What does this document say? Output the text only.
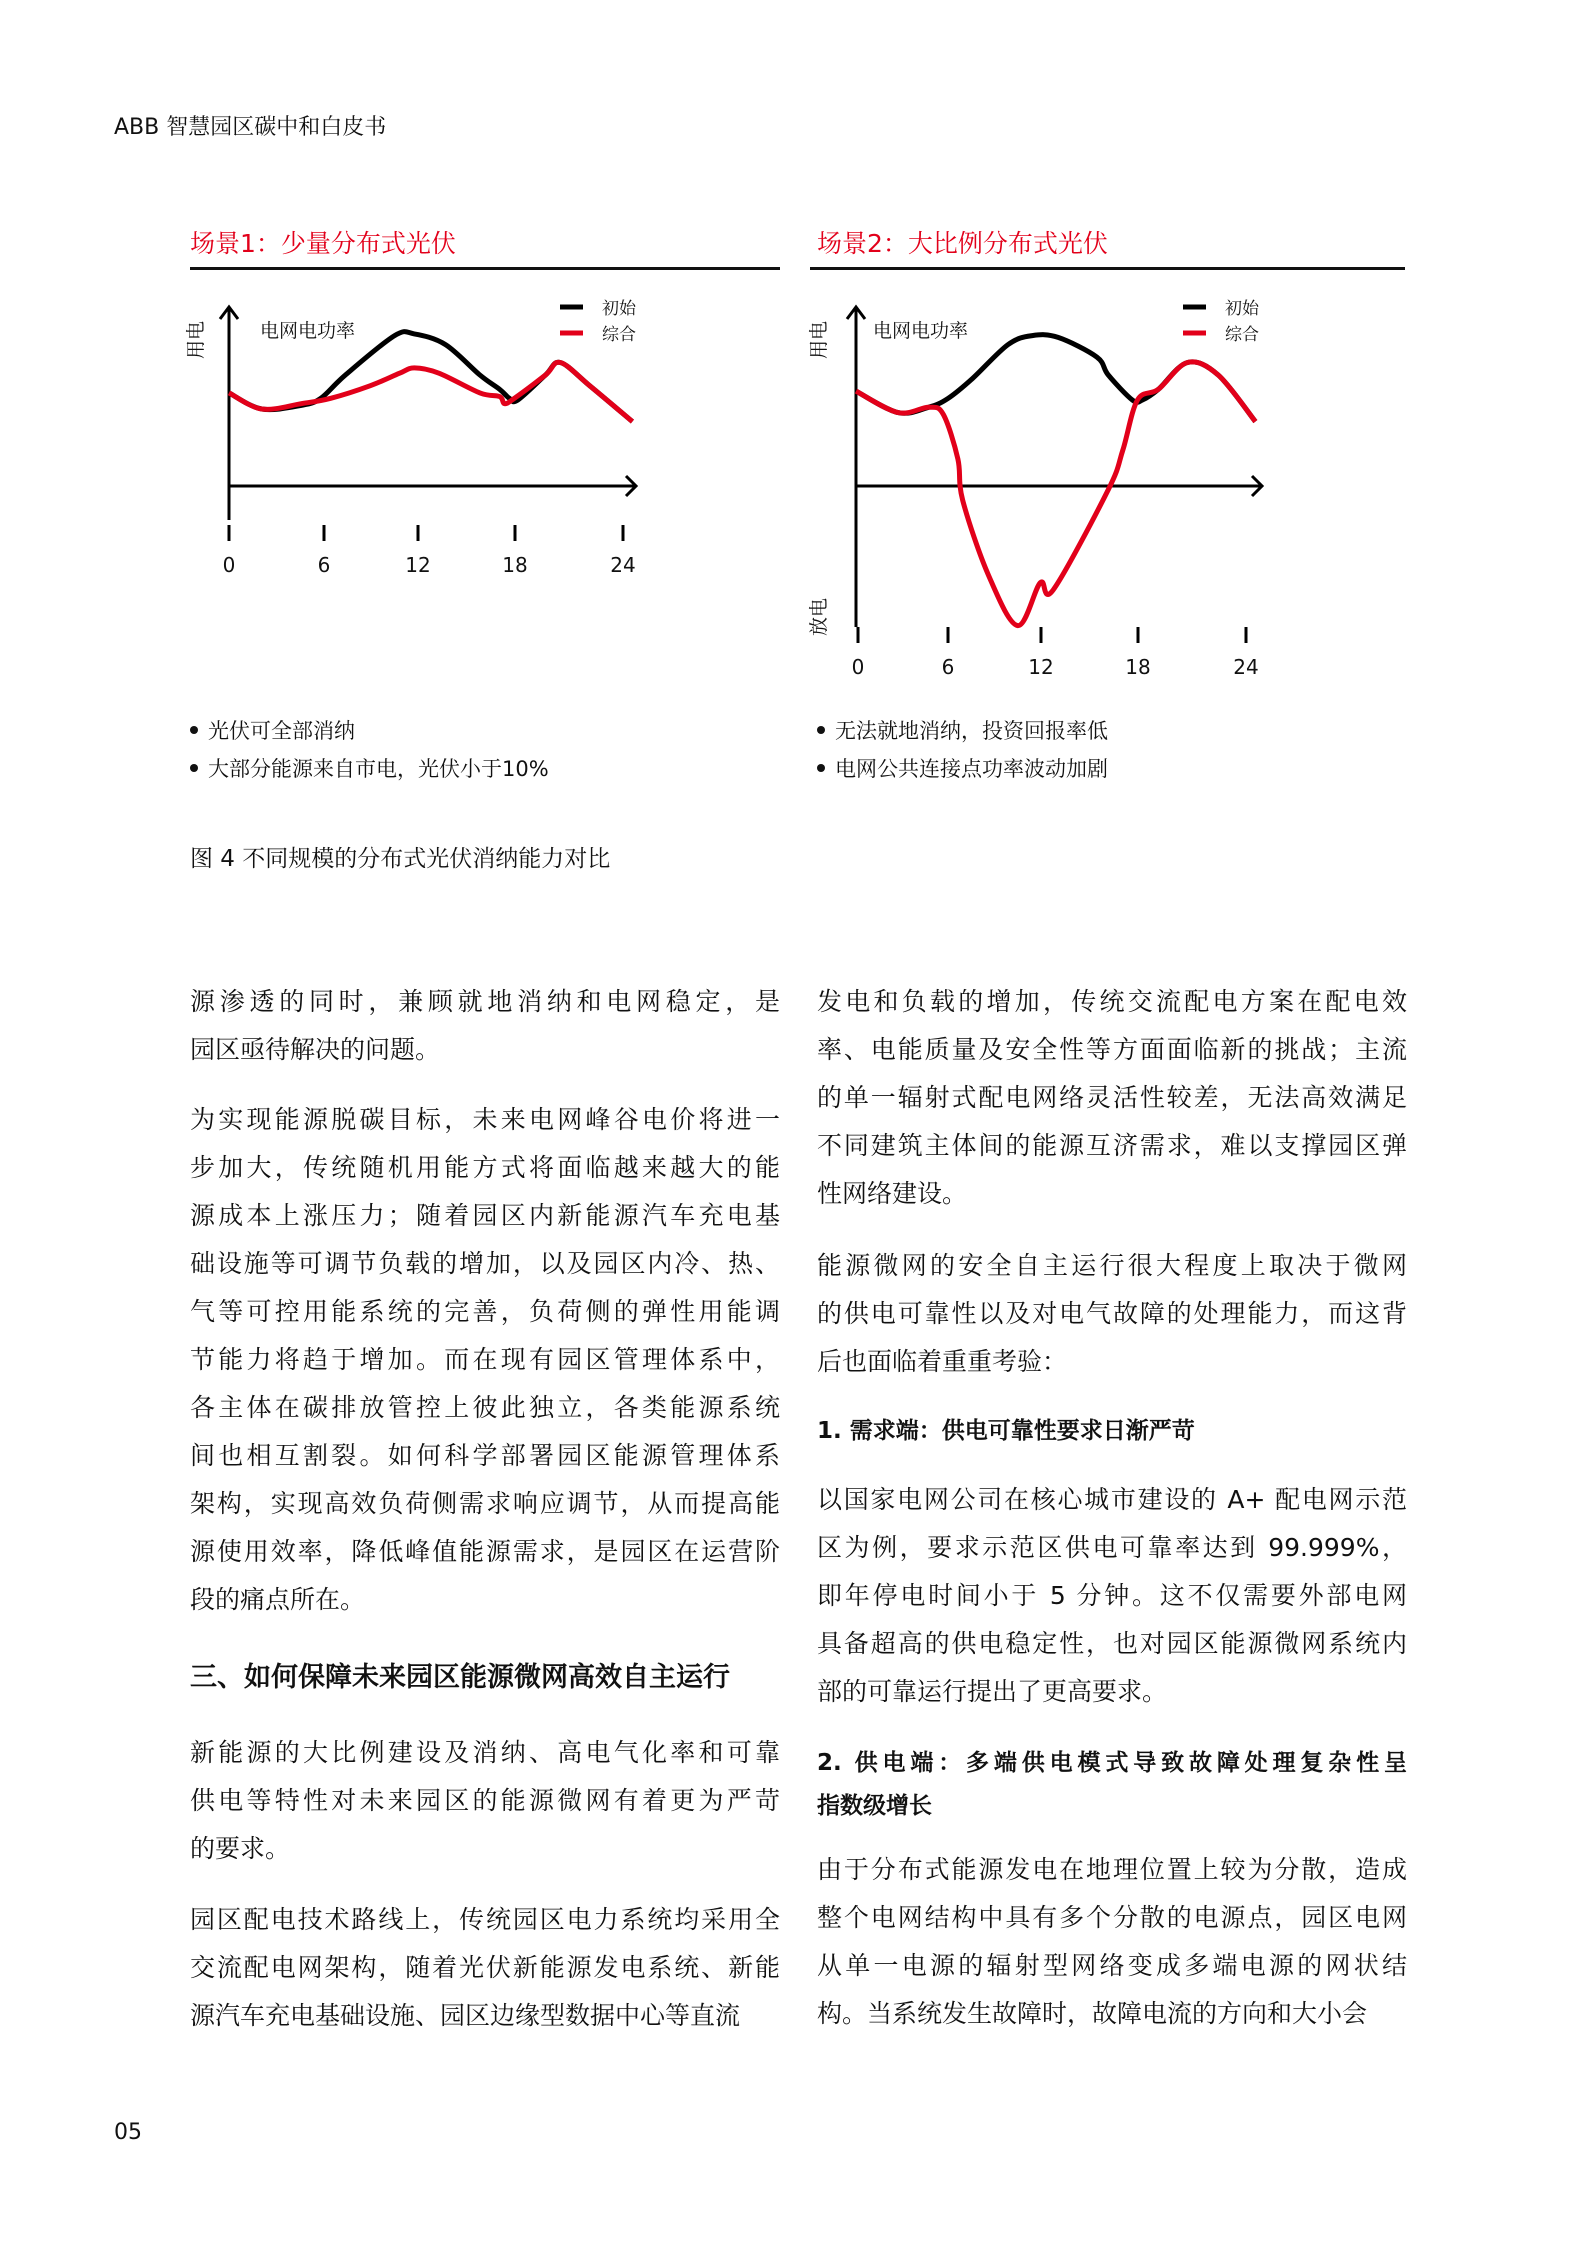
ABB 智慧园区碳中和白皮书
场景1：少量分布式光伏	场景2：大比例分布式光伏
0	6	12	18	24
电网电功率
用电
初始
综合
0	6	12	18	24
电网电功率
用电
放电
初始
综合
光伏可全部消纳
大部分能源来自市电，光伏小于10%
无法就地消纳，投资回报率低
电网公共连接点功率波动加剧
图 4 不同规模的分布式光伏消纳能力对比
源渗透的同时，兼顾就地消纳和电网稳定，是
园区亟待解决的问题。
为实现能源脱碳目标，未来电网峰谷电价将进一
步加大，传统随机用能方式将面临越来越大的能
源成本上涨压力；随着园区内新能源汽车充电基
础设施等可调节负载的增加，以及园区内冷、热、
气等可控用能系统的完善，负荷侧的弹性用能调
节能力将趋于增加。而在现有园区管理体系中，
各主体在碳排放管控上彼此独立，各类能源系统
间也相互割裂。如何科学部署园区能源管理体系
架构，实现高效负荷侧需求响应调节，从而提高能
源使用效率，降低峰值能源需求，是园区在运营阶
段的痛点所在。
三、如何保障未来园区能源微网高效自主运行
新能源的大比例建设及消纳、高电气化率和可靠
供电等特性对未来园区的能源微网有着更为严苛
的要求。
园区配电技术路线上，传统园区电力系统均采用全
交流配电网架构，随着光伏新能源发电系统、新能
源汽车充电基础设施、园区边缘型数据中心等直流
发电和负载的增加，传统交流配电方案在配电效
率、电能质量及安全性等方面面临新的挑战；主流
的单一辐射式配电网络灵活性较差，无法高效满足
不同建筑主体间的能源互济需求，难以支撑园区弹
性网络建设。
能源微网的安全自主运行很大程度上取决于微网
的供电可靠性以及对电气故障的处理能力，而这背
后也面临着重重考验：
1. 需求端：供电可靠性要求日渐严苛
以国家电网公司在核心城市建设的 A+ 配电网示范
区为例，要求示范区供电可靠率达到 99.999%，
即年停电时间小于 5 分钟。这不仅需要外部电网
具备超高的供电稳定性，也对园区能源微网系统内
部的可靠运行提出了更高要求。
2. 供电端：多端供电模式导致故障处理复杂性呈
指数级增长
由于分布式能源发电在地理位置上较为分散，造成
整个电网结构中具有多个分散的电源点，园区电网
从单一电源的辐射型网络变成多端电源的网状结
构。当系统发生故障时，故障电流的方向和大小会
05
